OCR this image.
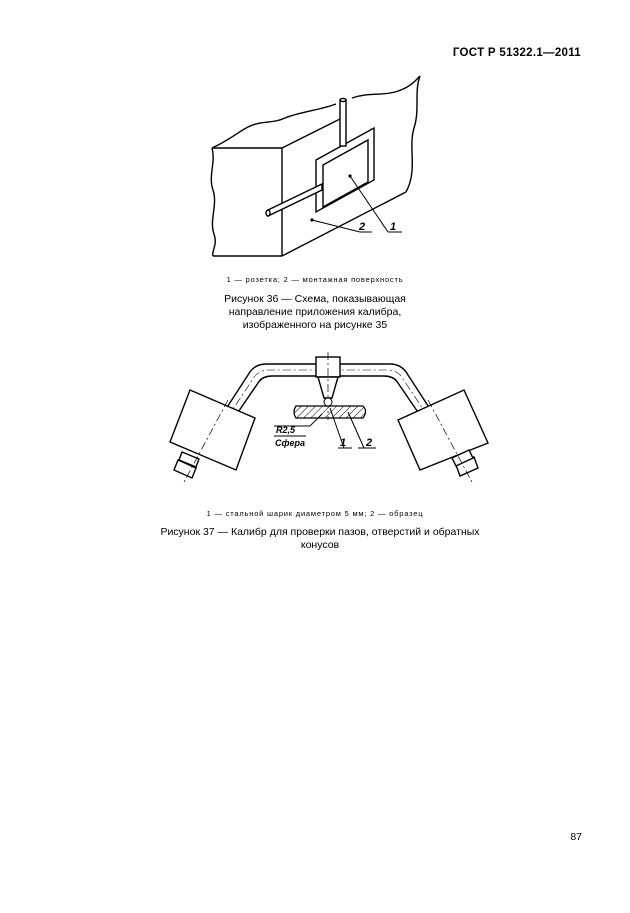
ГОСТ Р 51322.1—2011
1
2
1 — розетка; 2 — монтажная поверхность
Рисунок 36 — Схема, показывающая
направление приложения калибра,
изображенного на рисунке 35
R2,5
Сфера	1 2
1 — стальной шарик диаметром 5 мм; 2 — образец
Рисунок 37 — Калибр для проверки пазов, отверстий и обратных
конусов
87
